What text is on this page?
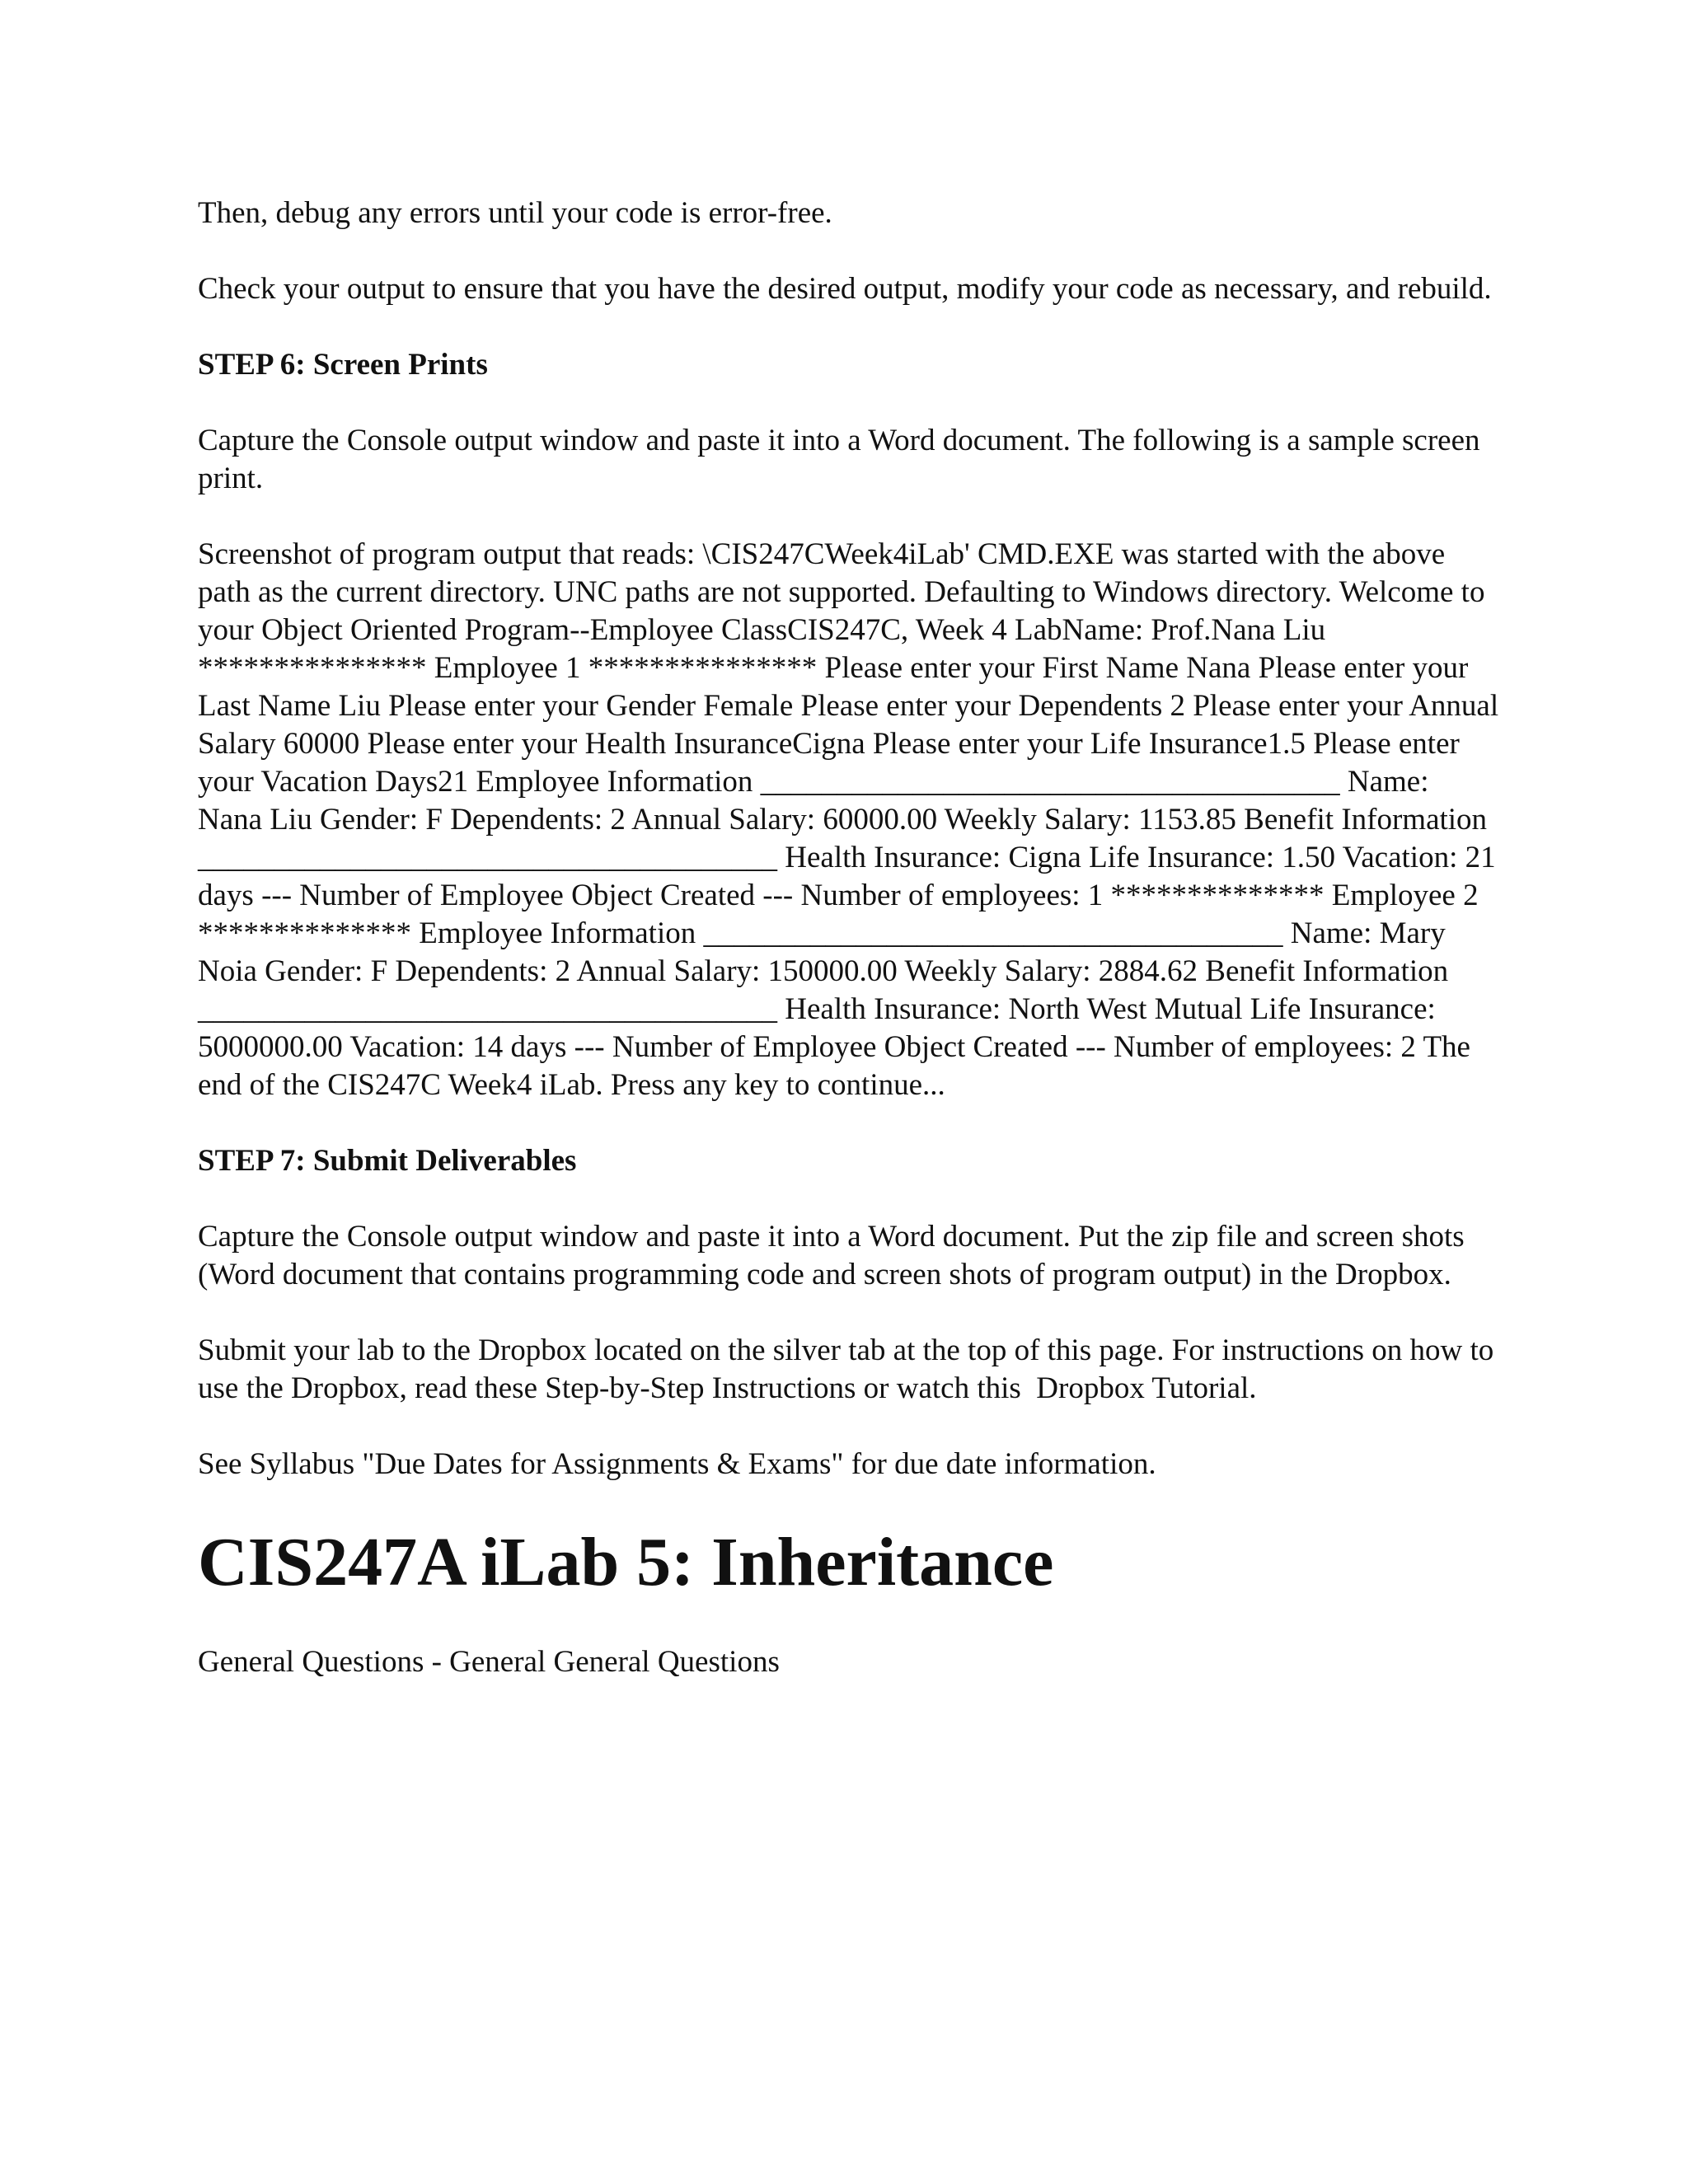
Then, debug any errors until your code is error-free.

Check your output to ensure that you have the desired output, modify your code as necessary, and rebuild.

STEP 6: Screen Prints

Capture the Console output window and paste it into a Word document. The following is a sample screen print.

Screenshot of program output that reads: \CIS247CWeek4iLab' CMD.EXE was started with the above path as the current directory. UNC paths are not supported. Defaulting to Windows directory. Welcome to your Object Oriented Program--Employee ClassCIS247C, Week 4 LabName: Prof.Nana Liu *************** Employee 1 *************** Please enter your First Name Nana Please enter your Last Name Liu Please enter your Gender Female Please enter your Dependents 2 Please enter your Annual Salary 60000 Please enter your Health InsuranceCigna Please enter your Life Insurance1.5 Please enter your Vacation Days21 Employee Information ______________________________________ Name: Nana Liu Gender: F Dependents: 2 Annual Salary: 60000.00 Weekly Salary: 1153.85 Benefit Information ______________________________________ Health Insurance: Cigna Life Insurance: 1.50 Vacation: 21 days --- Number of Employee Object Created --- Number of employees: 1 ************** Employee 2 ************** Employee Information ______________________________________ Name: Mary Noia Gender: F Dependents: 2 Annual Salary: 150000.00 Weekly Salary: 2884.62 Benefit Information ______________________________________ Health Insurance: North West Mutual Life Insurance: 5000000.00 Vacation: 14 days --- Number of Employee Object Created --- Number of employees: 2 The end of the CIS247C Week4 iLab. Press any key to continue...

STEP 7: Submit Deliverables

Capture the Console output window and paste it into a Word document. Put the zip file and screen shots (Word document that contains programming code and screen shots of program output) in the Dropbox.

Submit your lab to the Dropbox located on the silver tab at the top of this page. For instructions on how to use the Dropbox, read these Step-by-Step Instructions or watch this  Dropbox Tutorial.

See Syllabus "Due Dates for Assignments & Exams" for due date information.

CIS247A iLab 5: Inheritance

General Questions - General General Questions
